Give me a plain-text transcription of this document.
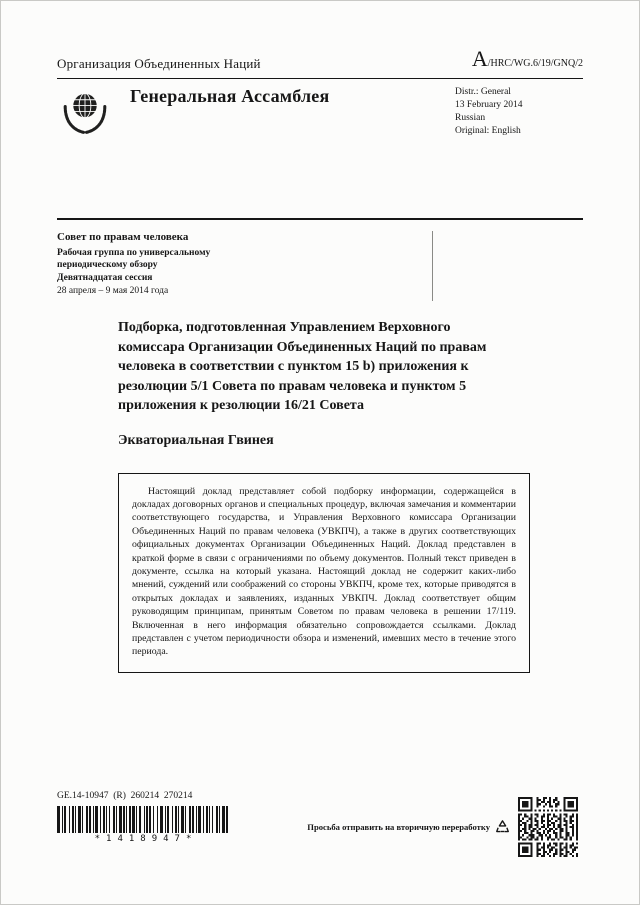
Организация Объединенных Наций	A/HRC/WG.6/19/GNQ/2
Генеральная Ассамблея	Distr.: General
13 February 2014
Russian
Original: English
Совет по правам человека
Рабочая группа по универсальному периодическому обзору
Девятнадцатая сессия
28 апреля – 9 мая 2014 года
Подборка, подготовленная Управлением Верховного комиссара Организации Объединенных Наций по правам человека в соответствии с пунктом 15 b) приложения к резолюции 5/1 Совета по правам человека и пунктом 5 приложения к резолюции 16/21 Совета
Экваториальная Гвинея

Настоящий доклад представляет собой подборку информации, содержащейся в докладах договорных органов и специальных процедур, включая замечания и комментарии соответствующего государства, и Управления Верховного комиссара Организации Объединенных Наций по правам человека (УВКПЧ), а также в других соответствующих официальных документах Организации Объединенных Наций. Доклад представлен в краткой форме в связи с ограничениями по объему документов. Полный текст приведен в документе, ссылка на который указана. Настоящий доклад не содержит каких-либо мнений, суждений или соображений со стороны УВКПЧ, кроме тех, которые приводятся в открытых докладах и заявлениях, изданных УВКПЧ. Доклад соответствует общим руководящим принципам, принятым Советом по правам человека в решении 17/119. Включенная в него информация обязательно сопровождается ссылками. Доклад представлен с учетом периодичности обзора и изменений, имевших место в течение этого периода.

GE.14-10947  (R)  260214  270214
*1418947*
Просьба отправить на вторичную переработку
